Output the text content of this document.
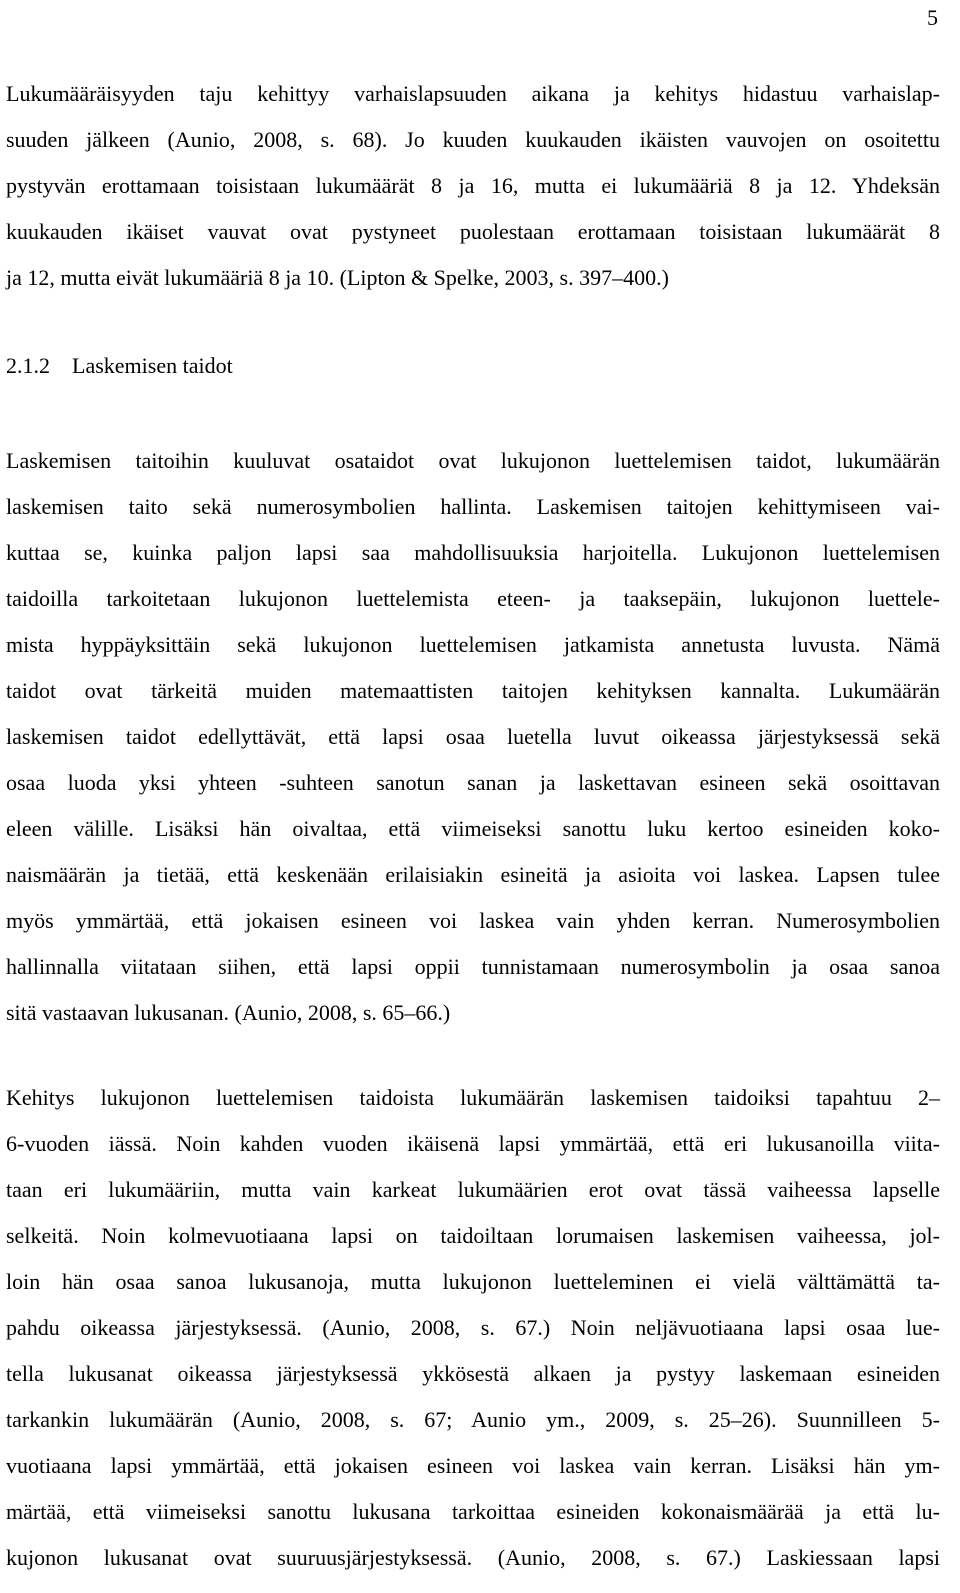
5
Lukumääräisyyden taju kehittyy varhaislapsuuden aikana ja kehitys hidastuu varhaislap-
suuden jälkeen (Aunio, 2008, s. 68). Jo kuuden kuukauden ikäisten vauvojen on osoitettu
pystyvän erottamaan toisistaan lukumäärät 8 ja 16, mutta ei lukumääriä 8 ja 12. Yhdeksän
kuukauden ikäiset vauvat ovat pystyneet puolestaan erottamaan toisistaan lukumäärät 8
ja 12, mutta eivät lukumääriä 8 ja 10. (Lipton & Spelke, 2003, s. 397–400.)
2.1.2 Laskemisen taidot
Laskemisen taitoihin kuuluvat osataidot ovat lukujonon luettelemisen taidot, lukumäärän
laskemisen taito sekä numerosymbolien hallinta. Laskemisen taitojen kehittymiseen vai-
kuttaa se, kuinka paljon lapsi saa mahdollisuuksia harjoitella. Lukujonon luettelemisen
taidoilla tarkoitetaan lukujonon luettelemista eteen- ja taaksepäin, lukujonon luettele-
mista hyppäyksittäin sekä lukujonon luettelemisen jatkamista annetusta luvusta. Nämä
taidot ovat tärkeitä muiden matemaattisten taitojen kehityksen kannalta. Lukumäärän
laskemisen taidot edellyttävät, että lapsi osaa luetella luvut oikeassa järjestyksessä sekä
osaa luoda yksi yhteen -suhteen sanotun sanan ja laskettavan esineen sekä osoittavan
eleen välille. Lisäksi hän oivaltaa, että viimeiseksi sanottu luku kertoo esineiden koko-
naismäärän ja tietää, että keskenään erilaisiakin esineitä ja asioita voi laskea. Lapsen tulee
myös ymmärtää, että jokaisen esineen voi laskea vain yhden kerran. Numerosymbolien
hallinnalla viitataan siihen, että lapsi oppii tunnistamaan numerosymbolin ja osaa sanoa
sitä vastaavan lukusanan. (Aunio, 2008, s. 65–66.)
Kehitys lukujonon luettelemisen taidoista lukumäärän laskemisen taidoiksi tapahtuu 2–
6-vuoden iässä. Noin kahden vuoden ikäisenä lapsi ymmärtää, että eri lukusanoilla viita-
taan eri lukumääriin, mutta vain karkeat lukumäärien erot ovat tässä vaiheessa lapselle
selkeitä. Noin kolmevuotiaana lapsi on taidoiltaan lorumaisen laskemisen vaiheessa, jol-
loin hän osaa sanoa lukusanoja, mutta lukujonon luetteleminen ei vielä välttämättä ta-
pahdu oikeassa järjestyksessä. (Aunio, 2008, s. 67.) Noin neljävuotiaana lapsi osaa lue-
tella lukusanat oikeassa järjestyksessä ykkösestä alkaen ja pystyy laskemaan esineiden
tarkankin lukumäärän (Aunio, 2008, s. 67; Aunio ym., 2009, s. 25–26). Suunnilleen 5-
vuotiaana lapsi ymmärtää, että jokaisen esineen voi laskea vain kerran. Lisäksi hän ym-
märtää, että viimeiseksi sanottu lukusana tarkoittaa esineiden kokonaismäärää ja että lu-
kujonon lukusanat ovat suuruusjärjestyksessä. (Aunio, 2008, s. 67.) Laskiessaan lapsi
